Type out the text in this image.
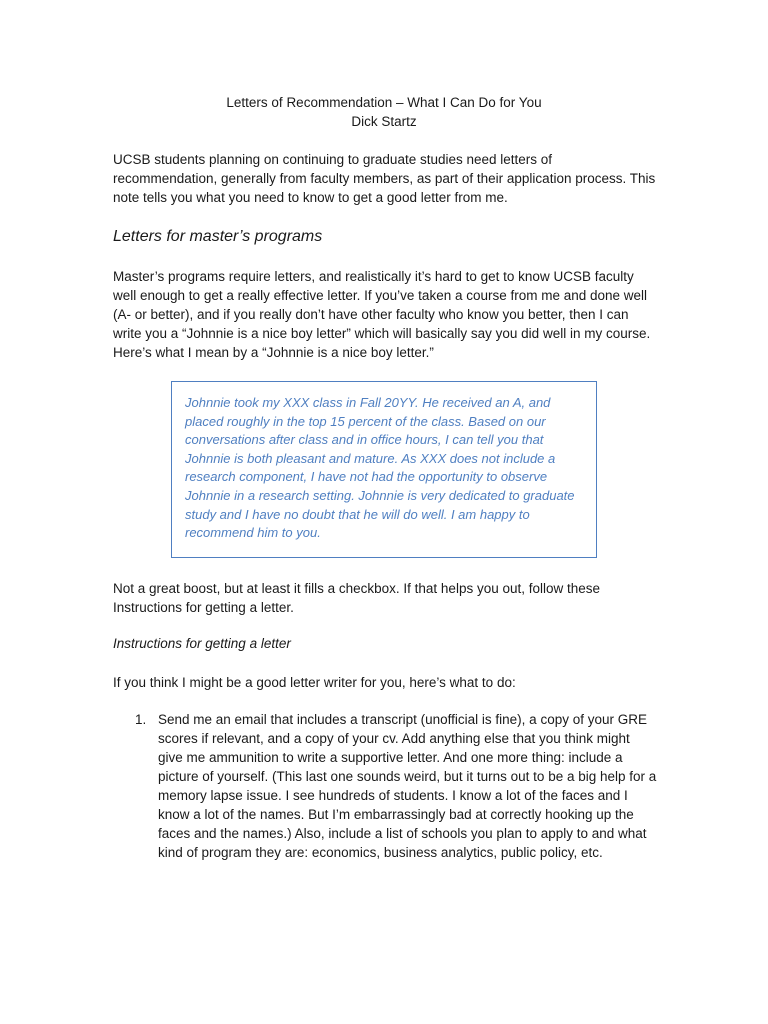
Letters of Recommendation – What I Can Do for You

Dick Startz

UCSB students planning on continuing to graduate studies need letters of recommendation, generally from faculty members, as part of their application process. This note tells you what you need to know to get a good letter from me.

Letters for master’s programs

Master’s programs require letters, and realistically it’s hard to get to know UCSB faculty well enough to get a really effective letter. If you’ve taken a course from me and done well (A- or better), and if you really don’t have other faculty who know you better, then I can write you a “Johnnie is a nice boy letter” which will basically say you did well in my course. Here’s what I mean by a “Johnnie is a nice boy letter.”

Johnnie took my XXX class in Fall 20YY. He received an A, and placed roughly in the top 15 percent of the class. Based on our conversations after class and in office hours, I can tell you that Johnnie is both pleasant and mature. As XXX does not include a research component, I have not had the opportunity to observe Johnnie in a research setting. Johnnie is very dedicated to graduate study and I have no doubt that he will do well. I am happy to recommend him to you.

Not a great boost, but at least it fills a checkbox. If that helps you out, follow these Instructions for getting a letter.

Instructions for getting a letter

If you think I might be a good letter writer for you, here’s what to do:

1. Send me an email that includes a transcript (unofficial is fine), a copy of your GRE scores if relevant, and a copy of your cv. Add anything else that you think might give me ammunition to write a supportive letter. And one more thing: include a picture of yourself. (This last one sounds weird, but it turns out to be a big help for a memory lapse issue. I see hundreds of students. I know a lot of the faces and I know a lot of the names. But I’m embarrassingly bad at correctly hooking up the faces and the names.) Also, include a list of schools you plan to apply to and what kind of program they are: economics, business analytics, public policy, etc.
